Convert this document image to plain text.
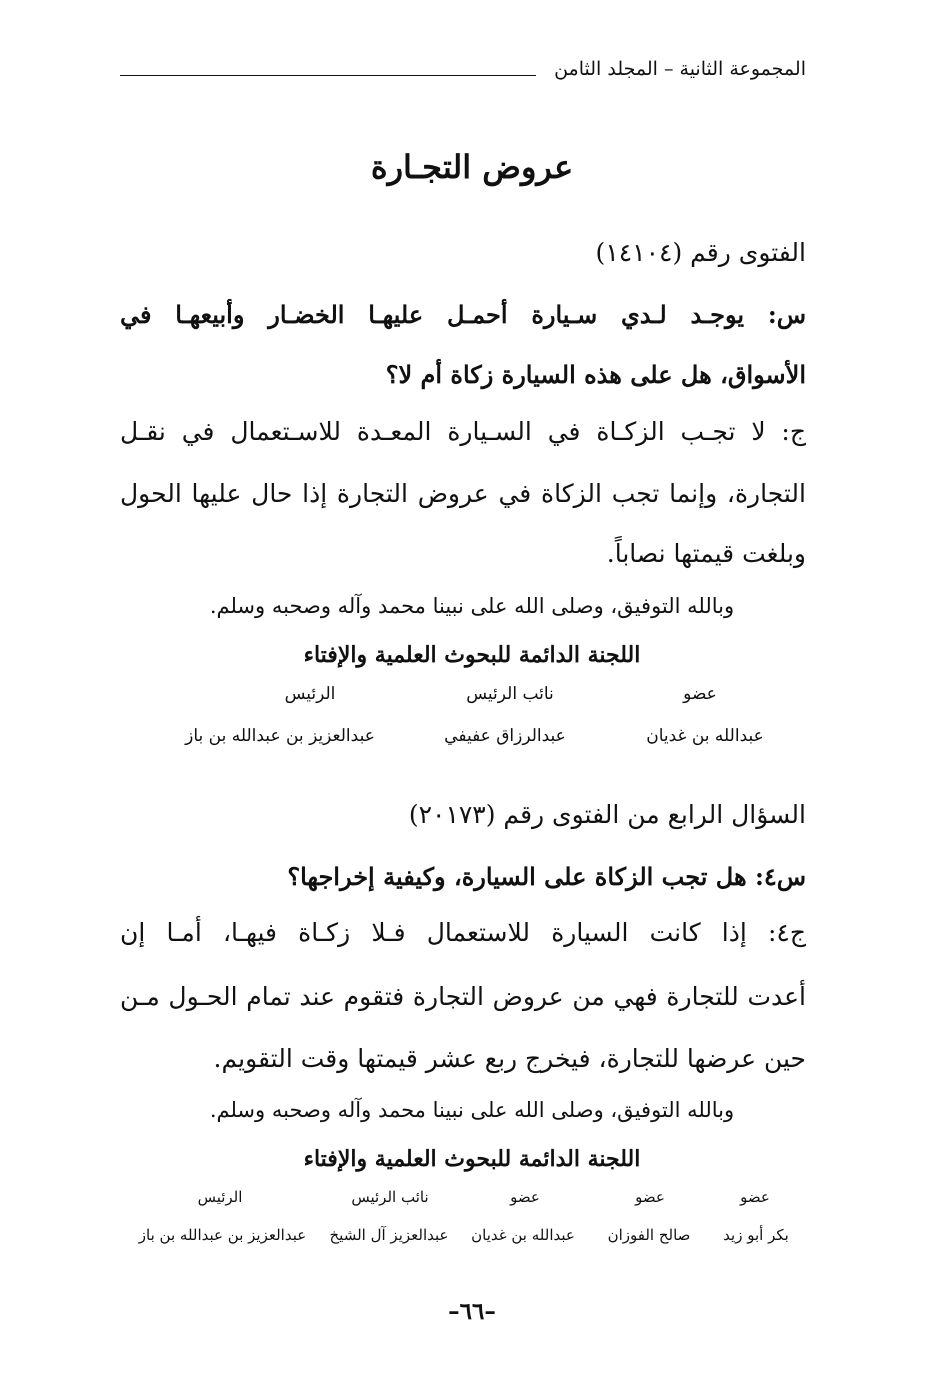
المجموعة الثانية – المجلد الثامن
عروض التجـارة
الفتوى رقم (١٤١٠٤)
س: يوجـد لـدي سـيارة أحمـل عليهـا الخضـار وأبيعهـا في
الأسواق، هل على هذه السيارة زكاة أم لا؟
ج: لا تجـب الزكـاة في السـيارة المعـدة للاسـتعمال في نقـل
التجارة، وإنما تجب الزكاة في عروض التجارة إذا حال عليها الحول
وبلغت قيمتها نصاباً.
وبالله التوفيق، وصلى الله على نبينا محمد وآله وصحبه وسلم.
اللجنة الدائمة للبحوث العلمية والإفتاء
الرئيس	نائب الرئيس	عضو
عبدالعزيز بن عبدالله بن باز	عبدالرزاق عفيفي	عبدالله بن غديان
السؤال الرابع من الفتوى رقم (٢٠١٧٣)
س٤: هل تجب الزكاة على السيارة، وكيفية إخراجها؟
ج٤: إذا كانت السيارة للاستعمال فـلا زكـاة فيهـا، أمـا إن
أعدت للتجارة فهي من عروض التجارة فتقوم عند تمام الحـول مـن
حين عرضها للتجارة، فيخرج ربع عشر قيمتها وقت التقويم.
وبالله التوفيق، وصلى الله على نبينا محمد وآله وصحبه وسلم.
اللجنة الدائمة للبحوث العلمية والإفتاء
الرئيس	نائب الرئيس	عضو	عضو	عضو
عبدالعزيز بن عبدالله بن باز	عبدالعزيز آل الشيخ	عبدالله بن غديان	صالح الفوزان	بكر أبو زيد
–٦٦–
